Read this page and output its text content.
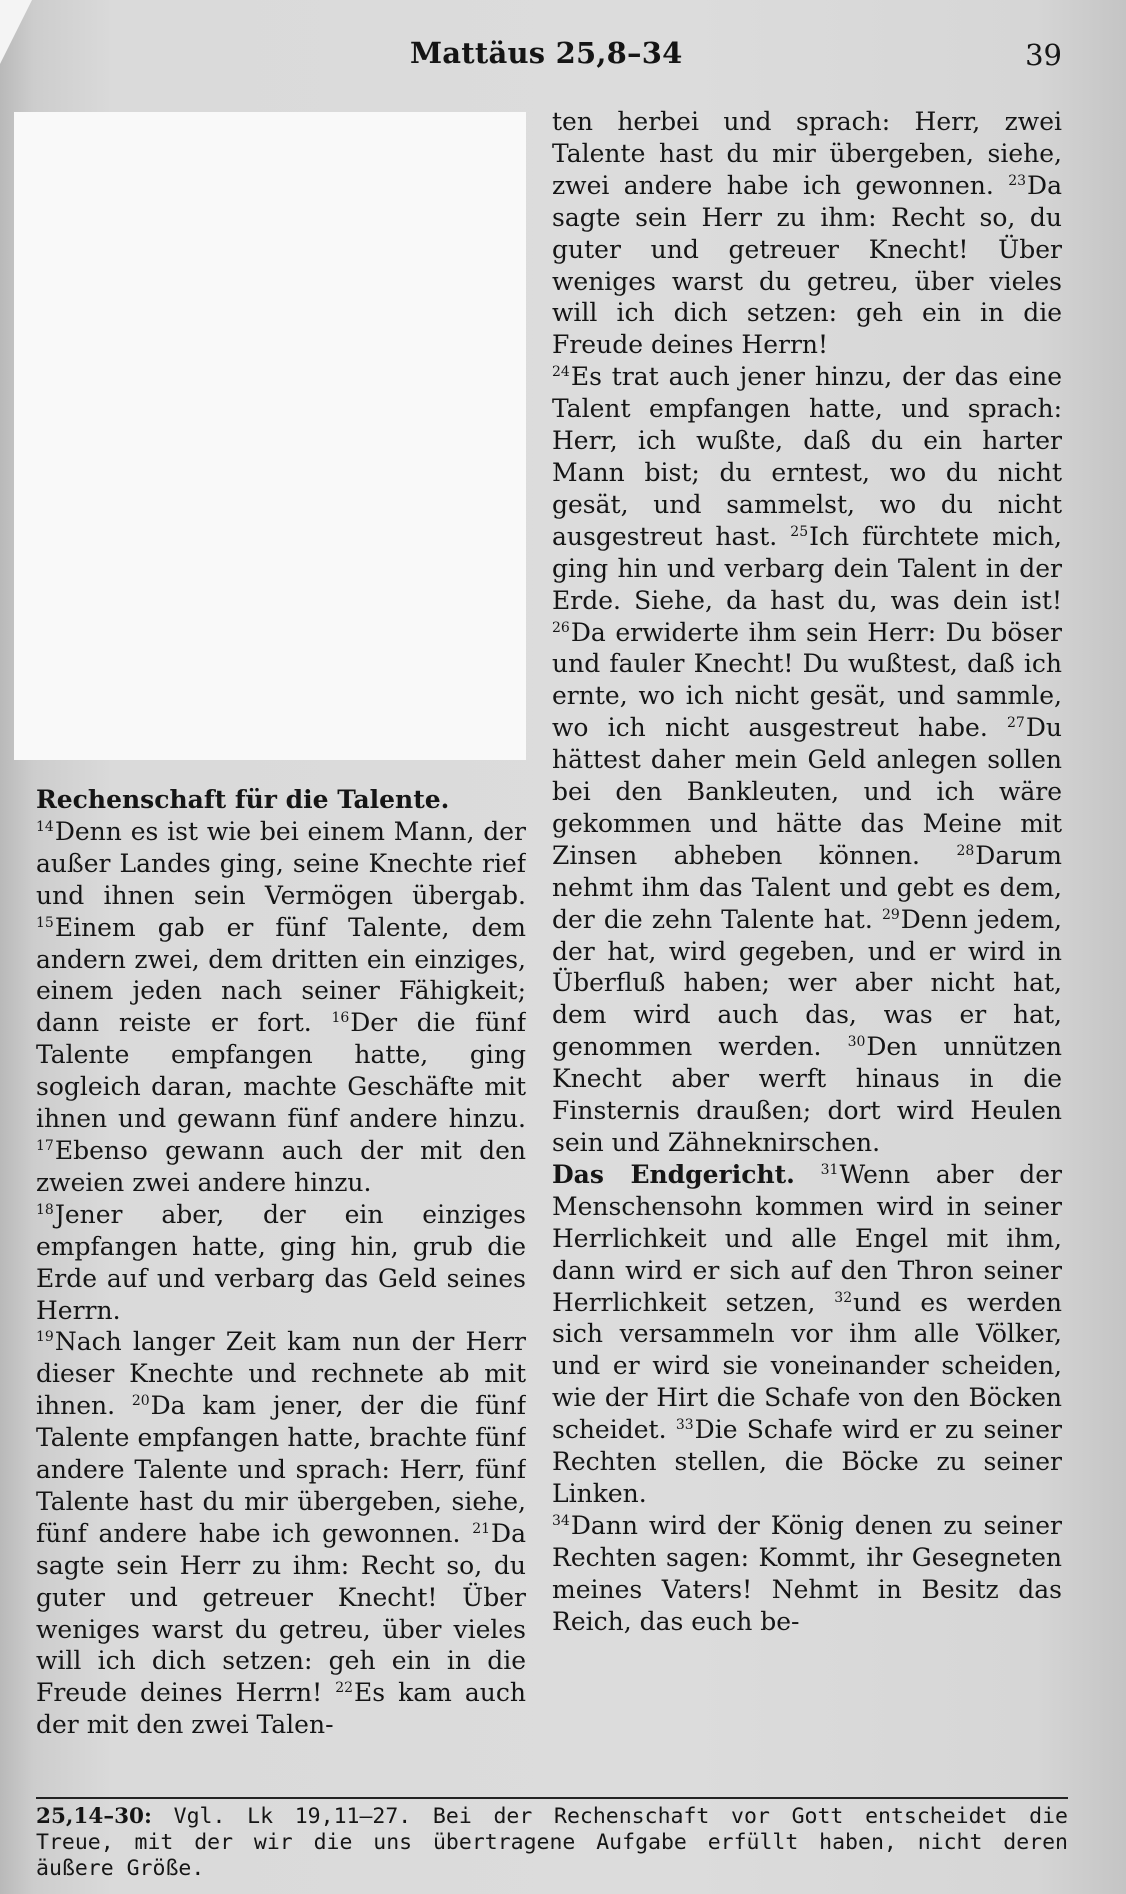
Mattäus 25,8–34	39

Rechenschaft für die Talente.
$^{14}$Denn es ist wie bei einem Mann, der außer Landes ging, seine Knechte rief und ihnen sein Vermögen übergab. $^{15}$Einem gab er fünf Talente, dem andern zwei, dem dritten ein einziges, einem jeden nach seiner Fähigkeit; dann reiste er fort. $^{16}$Der die fünf Talente empfangen hatte, ging sogleich daran, machte Geschäfte mit ihnen und gewann fünf andere hinzu. $^{17}$Ebenso gewann auch der mit den zweien zwei andere hinzu.

$^{18}$Jener aber, der ein einziges empfangen hatte, ging hin, grub die Erde auf und verbarg das Geld seines Herrn.

$^{19}$Nach langer Zeit kam nun der Herr dieser Knechte und rechnete ab mit ihnen. $^{20}$Da kam jener, der die fünf Talente empfangen hatte, brachte fünf andere Talente und sprach: Herr, fünf Talente hast du mir übergeben, siehe, fünf andere habe ich gewonnen. $^{21}$Da sagte sein Herr zu ihm: Recht so, du guter und getreuer Knecht! Über weniges warst du getreu, über vieles will ich dich setzen: geh ein in die Freude deines Herrn! $^{22}$Es kam auch der mit den zwei Talen-

ten herbei und sprach: Herr, zwei Talente hast du mir übergeben, siehe, zwei andere habe ich gewonnen. $^{23}$Da sagte sein Herr zu ihm: Recht so, du guter und getreuer Knecht! Über weniges warst du getreu, über vieles will ich dich setzen: geh ein in die Freude deines Herrn!

$^{24}$Es trat auch jener hinzu, der das eine Talent empfangen hatte, und sprach: Herr, ich wußte, daß du ein harter Mann bist; du erntest, wo du nicht gesät, und sammelst, wo du nicht ausgestreut hast. $^{25}$Ich fürchtete mich, ging hin und verbarg dein Talent in der Erde. Siehe, da hast du, was dein ist! $^{26}$Da erwiderte ihm sein Herr: Du böser und fauler Knecht! Du wußtest, daß ich ernte, wo ich nicht gesät, und sammle, wo ich nicht ausgestreut habe. $^{27}$Du hättest daher mein Geld anlegen sollen bei den Bankleuten, und ich wäre gekommen und hätte das Meine mit Zinsen abheben können.	$^{28}$Darum nehmt ihm das Talent und gebt es dem, der die zehn Talente hat. $^{29}$Denn jedem, der hat, wird gegeben, und er wird in Überfluß haben; wer aber nicht hat, dem wird auch das, was er hat, genommen werden. $^{30}$Den unnützen Knecht aber werft hinaus in die Finsternis draußen; dort wird Heulen sein und Zähneknirschen.

Das Endgericht. $^{31}$Wenn aber der Menschensohn kommen wird in seiner Herrlichkeit und alle Engel mit ihm, dann wird er sich auf den Thron seiner Herrlichkeit setzen, $^{32}$und es werden sich versammeln vor ihm alle Völker, und er wird sie voneinander scheiden, wie der Hirt die Schafe von den Böcken scheidet. $^{33}$Die Schafe wird er zu seiner Rechten stellen, die Böcke zu seiner Linken.

$^{34}$Dann wird der König denen zu seiner Rechten sagen: Kommt, ihr Gesegneten meines Vaters! Nehmt in Besitz das Reich, das euch be-

25,14–30: Vgl. Lk 19,11–27. Bei der Rechenschaft vor Gott entscheidet die Treue, mit der wir die uns übertragene Aufgabe erfüllt haben, nicht deren äußere Größe.
